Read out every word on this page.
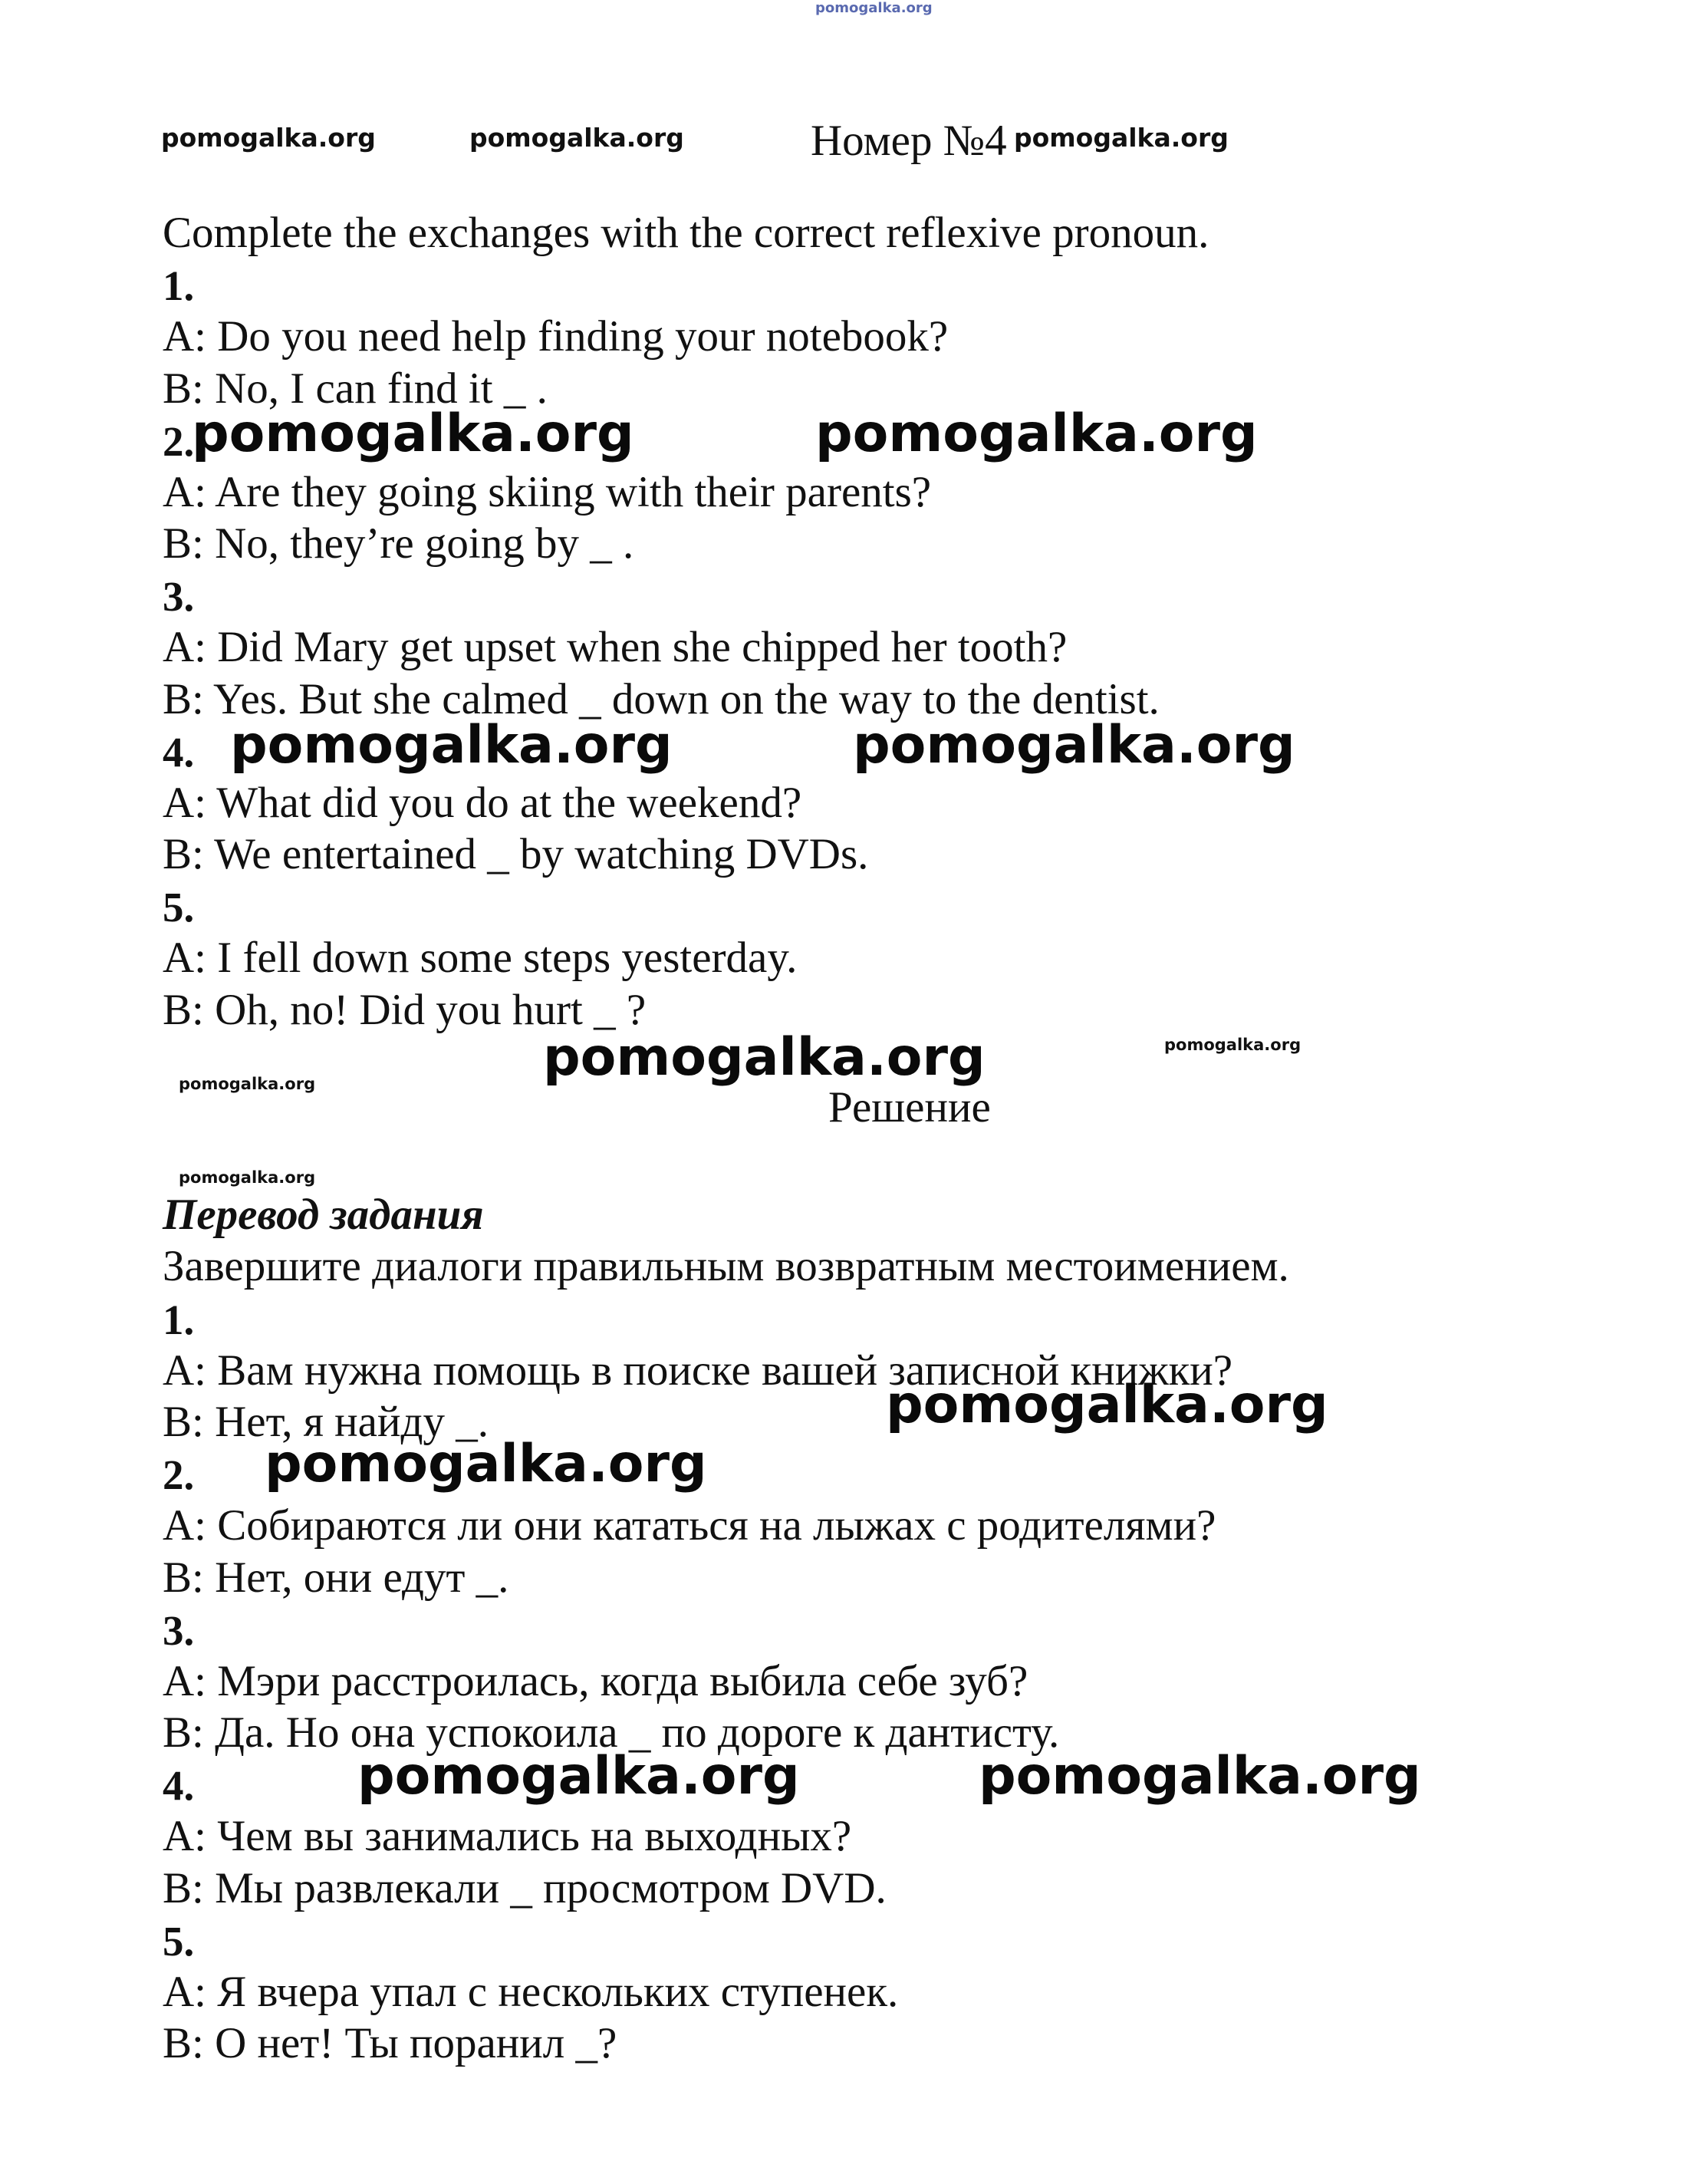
pomogalka.org
pomogalka.org	pomogalka.org	Номер №4 pomogalka.org
Complete the exchanges with the correct reflexive pronoun.
1.
A: Do you need help finding your notebook?
B: No, I can find it _ .
2.
pomogalka.org	pomogalka.org
A: Are they going skiing with their parents?
B: No, they’re going by _ .
3.
A: Did Mary get upset when she chipped her tooth?
B: Yes. But she calmed _ down on the way to the dentist.
4. pomogalka.org	pomogalka.org
A: What did you do at the weekend?
B: We entertained _ by watching DVDs.
5.
A: I fell down some steps yesterday.
B: Oh, no! Did you hurt _ ?
pomogalka.org	pomogalka.org
pomogalka.org	Решение
pomogalka.org
Перевод задания
Завершите диалоги правильным возвратным местоимением.
1.
A: Вам нужна помощь в поиске вашей записной книжки?
pomogalka.org
B: Нет, я найду _.
2. pomogalka.org
A: Собираются ли они кататься на лыжах с родителями?
B: Нет, они едут _.
3.
A: Мэри расстроилась, когда выбила себе зуб?
B: Да. Но она успокоила _ по дороге к дантисту.
4.	pomogalka.org	pomogalka.org
A: Чем вы занимались на выходных?
B: Мы развлекали _ просмотром DVD.
5.
A: Я вчера упал с нескольких ступенек.
B: О нет! Ты поранил _?
